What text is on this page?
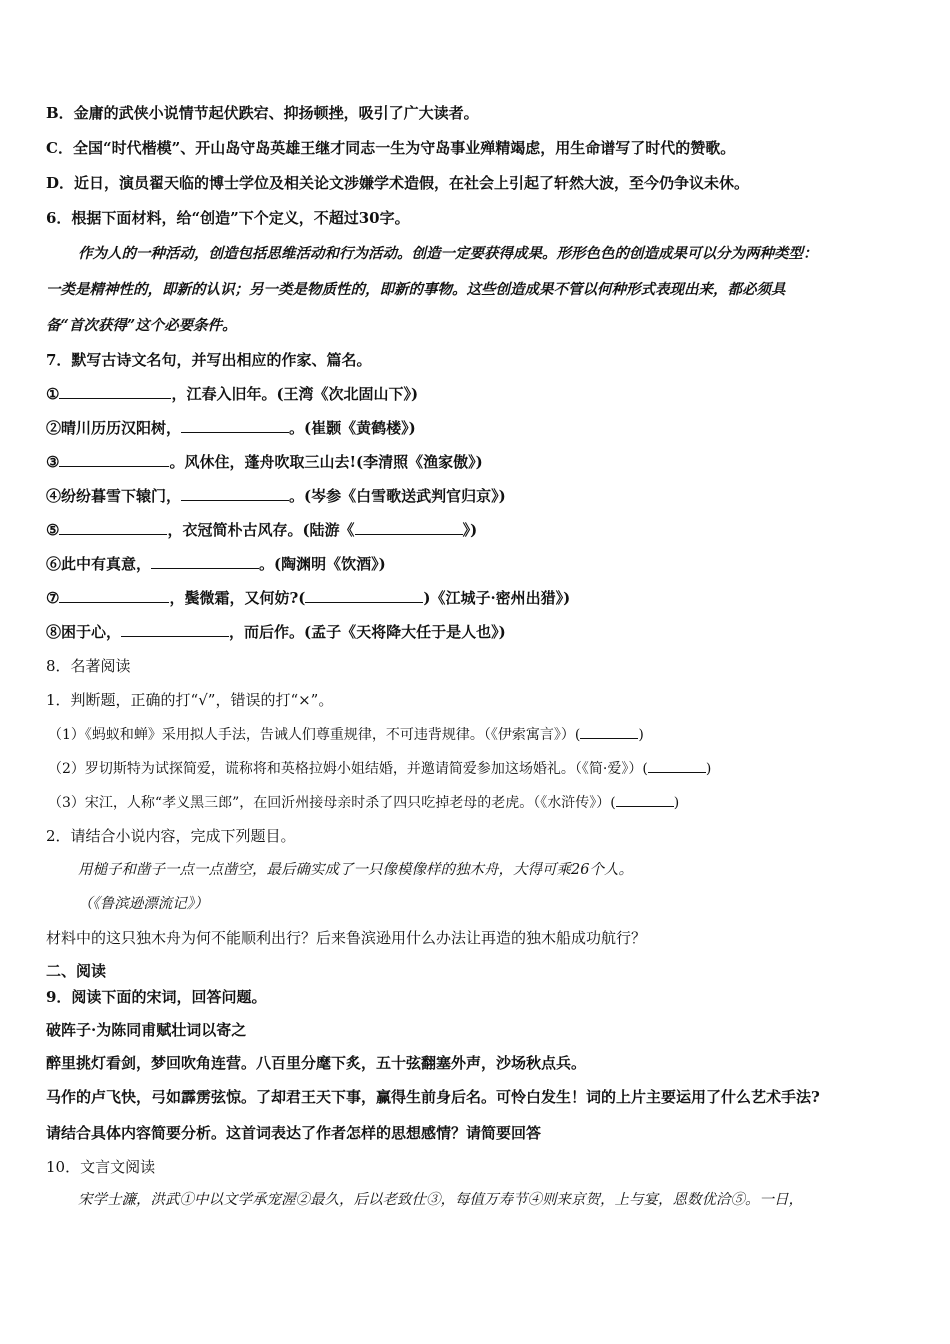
B．金庸的武侠小说情节起伏跌宕、抑扬顿挫，吸引了广大读者。
C．全国“时代楷模”、开山岛守岛英雄王继才同志一生为守岛事业殚精竭虑，用生命谱写了时代的赞歌。
D．近日，演员翟天临的博士学位及相关论文涉嫌学术造假，在社会上引起了轩然大波，至今仍争议未休。
6．根据下面材料，给“创造”下个定义，不超过30字。
作为人的一种活动，创造包括思维活动和行为活动。创造一定要获得成果。形形色色的创造成果可以分为两种类型：
一类是精神性的，即新的认识；另一类是物质性的，即新的事物。这些创造成果不管以何种形式表现出来，都必须具
备“首次获得”这个必要条件。
7．默写古诗文名句，并写出相应的作家、篇名。
①	，江春入旧年。(王湾《次北固山下》)
②晴川历历汉阳树，	。(崔颢《黄鹤楼》)
③	。风休住，蓬舟吹取三山去!(李清照《渔家傲》)
④纷纷暮雪下辕门，	。(岑参《白雪歌送武判官归京》)
⑤	，衣冠简朴古风存。(陆游《	》)
⑥此中有真意，	。(陶渊明《饮酒》)
⑦	，鬓微霜，又何妨?(	)《江城子·密州出猎》)
⑧困于心，	，而后作。(孟子《天将降大任于是人也》)
8．名著阅读
1．判断题，正确的打“√”，错误的打“×”。
（1）《蚂蚁和蝉》采用拟人手法，告诫人们尊重规律，不可违背规律。（《伊索寓言》）(	)
（2）罗切斯特为试探简爱，谎称将和英格拉姆小姐结婚，并邀请简爱参加这场婚礼。（《简·爱》）(	)
（3）宋江，人称“孝义黑三郎”，在回沂州接母亲时杀了四只吃掉老母的老虎。（《水浒传》）(	)
2．请结合小说内容，完成下列题目。
用槌子和凿子一点一点凿空，最后确实成了一只像模像样的独木舟，大得可乘26个人。
（《鲁滨逊漂流记》）
材料中的这只独木舟为何不能顺利出行？后来鲁滨逊用什么办法让再造的独木船成功航行？
二、阅读
9．阅读下面的宋词，回答问题。
破阵子·为陈同甫赋壮词以寄之
醉里挑灯看剑，梦回吹角连营。八百里分麾下炙，五十弦翻塞外声，沙场秋点兵。
马作的卢飞快，弓如霹雳弦惊。了却君王天下事，赢得生前身后名。可怜白发生！词的上片主要运用了什么艺术手法?
请结合具体内容简要分析。这首词表达了作者怎样的思想感情？请简要回答
10．文言文阅读
宋学士濂，洪武①中以文学承宠渥②最久，后以老致仕③，每值万寿节④则来京贺，上与宴，恩数优洽⑤。一日，
